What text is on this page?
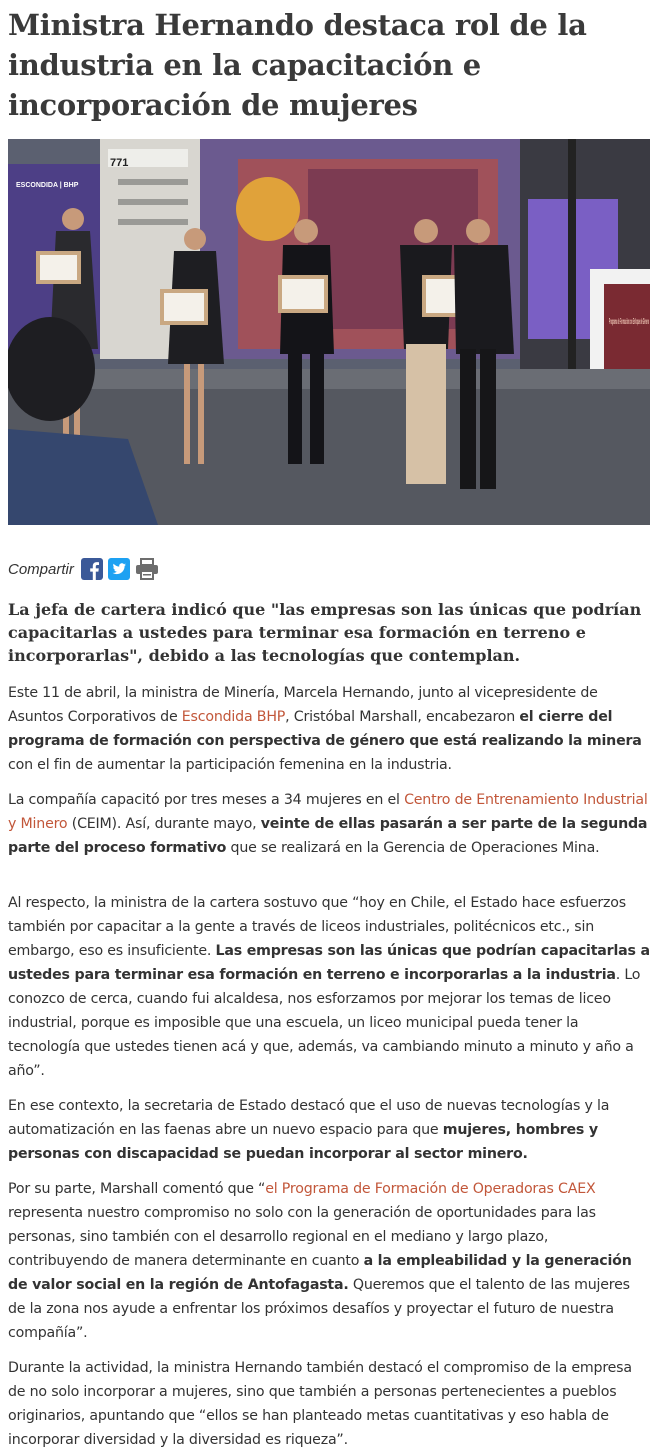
Ministra Hernando destaca rol de la industria en la capacitación e incorporación de mujeres
ESCONDIDA | BHP
771
Programa de Formación con Enfoque de Género
Compartir

La jefa de cartera indicó que "las empresas son las únicas que podrían capacitarlas a ustedes para terminar esa formación en terreno e incorporarlas", debido a las tecnologías que contemplan.

Este 11 de abril, la ministra de Minería, Marcela Hernando, junto al vicepresidente de Asuntos Corporativos de Escondida BHP, Cristóbal Marshall, encabezaron el cierre del programa de formación con perspectiva de género que está realizando la minera con el fin de aumentar la participación femenina en la industria.

La compañía capacitó por tres meses a 34 mujeres en el Centro de Entrenamiento Industrial y Minero (CEIM). Así, durante mayo, veinte de ellas pasarán a ser parte de la segunda parte del proceso formativo que se realizará en la Gerencia de Operaciones Mina.

Al respecto, la ministra de la cartera sostuvo que “hoy en Chile, el Estado hace esfuerzos también por capacitar a la gente a través de liceos industriales, politécnicos etc., sin embargo, eso es insuficiente. Las empresas son las únicas que podrían capacitarlas a ustedes para terminar esa formación en terreno e incorporarlas a la industria. Lo conozco de cerca, cuando fui alcaldesa, nos esforzamos por mejorar los temas de liceo industrial, porque es imposible que una escuela, un liceo municipal pueda tener la tecnología que ustedes tienen acá y que, además, va cambiando minuto a minuto y año a año”.

En ese contexto, la secretaria de Estado destacó que el uso de nuevas tecnologías y la automatización en las faenas abre un nuevo espacio para que mujeres, hombres y personas con discapacidad se puedan incorporar al sector minero.

Por su parte, Marshall comentó que “el Programa de Formación de Operadoras CAEX representa nuestro compromiso no solo con la generación de oportunidades para las personas, sino también con el desarrollo regional en el mediano y largo plazo, contribuyendo de manera determinante en cuanto a la empleabilidad y la generación de valor social en la región de Antofagasta. Queremos que el talento de las mujeres de la zona nos ayude a enfrentar los próximos desafíos y proyectar el futuro de nuestra compañía”.

Durante la actividad, la ministra Hernando también destacó el compromiso de la empresa de no solo incorporar a mujeres, sino que también a personas pertenecientes a pueblos originarios, apuntando que “ellos se han planteado metas cuantitativas y eso habla de incorporar diversidad y la diversidad es riqueza”.
